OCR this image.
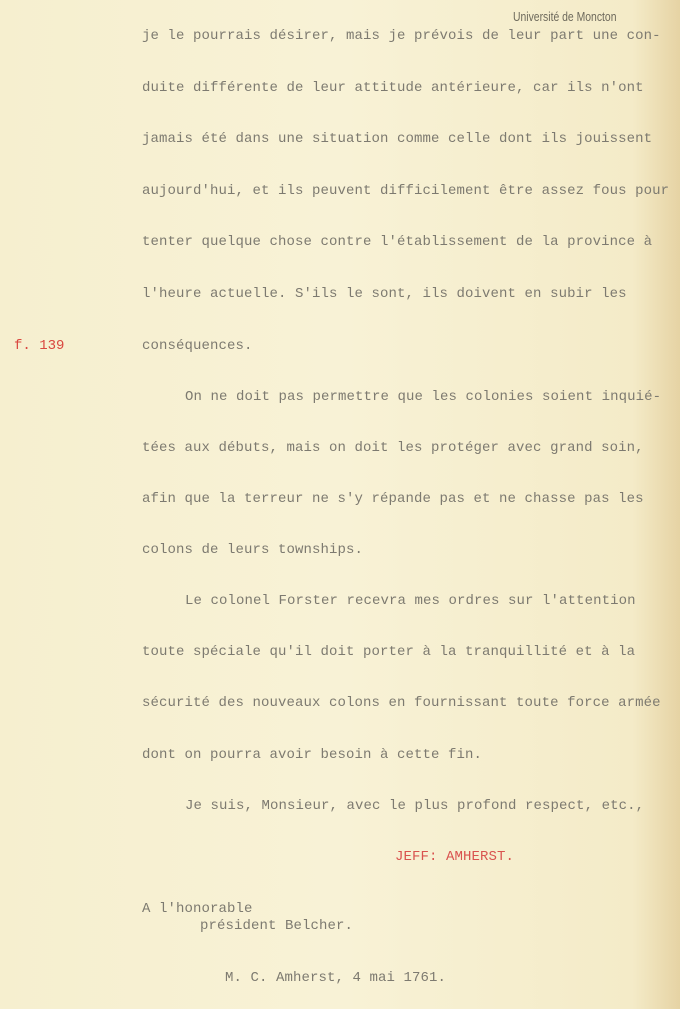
Université de Moncton
f. 139
je le pourrais désirer, mais je prévois de leur part une con-
duite différente de leur attitude antérieure, car ils n'ont
jamais été dans une situation comme celle dont ils jouissent
aujourd'hui, et ils peuvent difficilement être assez fous pour
tenter quelque chose contre l'établissement de la province à
l'heure actuelle. S'ils le sont, ils doivent en subir les
conséquences.
On ne doit pas permettre que les colonies soient inquié-
tées aux débuts, mais on doit les protéger avec grand soin,
afin que la terreur ne s'y répande pas et ne chasse pas les
colons de leurs townships.
Le colonel Forster recevra mes ordres sur l'attention
toute spéciale qu'il doit porter à la tranquillité et à la
sécurité des nouveaux colons en fournissant toute force armée
dont on pourra avoir besoin à cette fin.
Je suis, Monsieur, avec le plus profond respect, etc.,
JEFF: AMHERST.
A l'honorable
président Belcher.
M. C. Amherst, 4 mai 1761.
